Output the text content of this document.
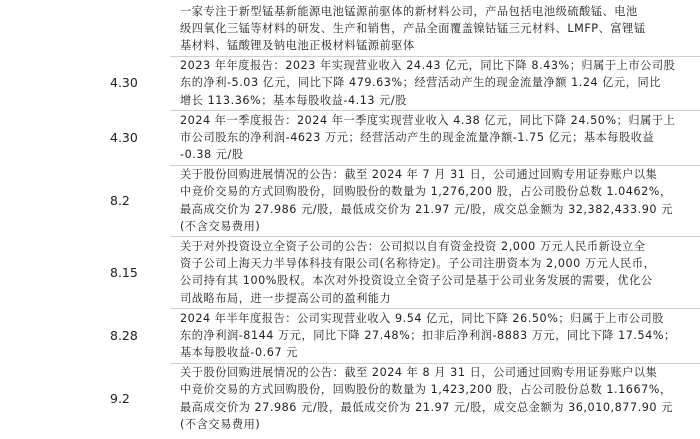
一家专注于新型锰基新能源电池锰源前驱体的新材料公司，产品包括电池级硫酸锰、电池
级四氧化三锰等材料的研发、生产和销售，产品全面覆盖镍钴锰三元材料、LMFP、富锂锰
基材料、锰酸锂及钠电池正极材料锰源前驱体
4.30
2023 年年度报告：2023 年实现营业收入 24.43 亿元，同比下降 8.43%；归属于上市公司股
东的净利-5.03 亿元，同比下降 479.63%；经营活动产生的现金流量净额 1.24 亿元，同比
增长 113.36%；基本每股收益-4.13 元/股
4.30
2024 年一季度报告：2024 年一季度实现营业收入 4.38 亿元，同比下降 24.50%；归属于上
市公司股东的净利润-4623 万元；经营活动产生的现金流量净额-1.75 亿元；基本每股收益
-0.38 元/股
8.2
关于股份回购进展情况的公告：截至 2024 年 7 月 31 日，公司通过回购专用证券账户以集
中竞价交易的方式回购股份，回购股份的数量为 1,276,200 股，占公司股份总数 1.0462%，
最高成交价为 27.986 元/股，最低成交价为 21.97 元/股，成交总金额为 32,382,433.90 元
(不含交易费用)
8.15
关于对外投资设立全资子公司的公告：公司拟以自有资金投资 2,000 万元人民币新设立全
资子公司上海天力半导体科技有限公司(名称待定)。子公司注册资本为 2,000 万元人民币，
公司持有其 100%股权。本次对外投资设立全资子公司是基于公司业务发展的需要，优化公
司战略布局，进一步提高公司的盈利能力
8.28
2024 年半年度报告：公司实现营业收入 9.54 亿元，同比下降 26.50%；归属于上市公司股
东的净利润-8144 万元，同比下降 27.48%；扣非后净利润-8883 万元，同比下降 17.54%；
基本每股收益-0.67 元
9.2
关于股份回购进展情况的公告：截至 2024 年 8 月 31 日，公司通过回购专用证券账户以集
中竞价交易的方式回购股份，回购股份的数量为 1,423,200 股，占公司股份总数 1.1667%，
最高成交价为 27.986 元/股，最低成交价为 21.97 元/股，成交总金额为 36,010,877.90 元
(不含交易费用)
